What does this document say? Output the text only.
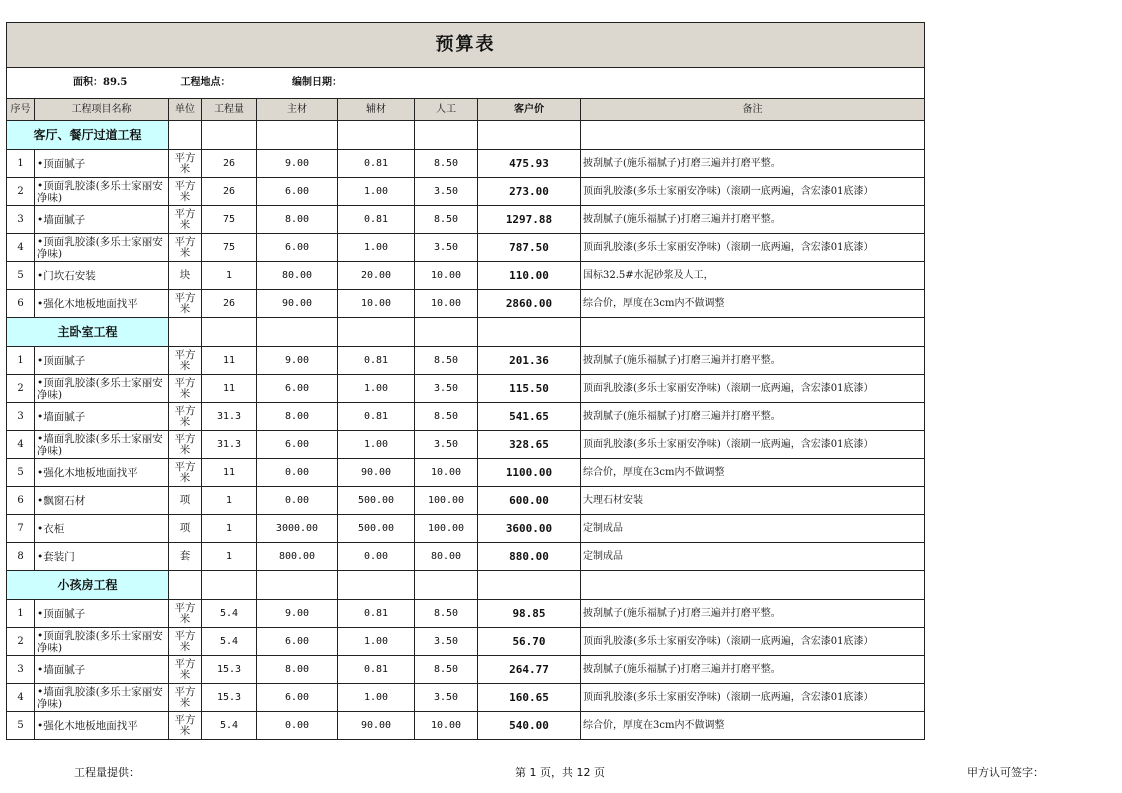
预算表								
面积：89.5 工程地点： 编制日期：								
序号	工程项目名称	单位	工程量	主材	辅材	人工	客户价	备注
客厅、餐厅过道工程								
1	•顶面腻子	平方米	26	9.00	0.81	8.50	475.93	披刮腻子(施乐福腻子)打磨三遍并打磨平整。
2	•顶面乳胶漆(多乐士家丽安净味)	平方米	26	6.00	1.00	3.50	273.00	顶面乳胶漆(多乐士家丽安净味)（滚刷一底两遍，含宏漆01底漆）
3	•墙面腻子	平方米	75	8.00	0.81	8.50	1297.88	披刮腻子(施乐福腻子)打磨三遍并打磨平整。
4	•顶面乳胶漆(多乐士家丽安净味)	平方米	75	6.00	1.00	3.50	787.50	顶面乳胶漆(多乐士家丽安净味)（滚刷一底两遍，含宏漆01底漆）
5	•门坎石安装	块	1	80.00	20.00	10.00	110.00	国标32.5#水泥砂浆及人工，
6	•强化木地板地面找平	平方米	26	90.00	10.00	10.00	2860.00	综合价，厚度在3cm内不做调整
主卧室工程								
1	•顶面腻子	平方米	11	9.00	0.81	8.50	201.36	披刮腻子(施乐福腻子)打磨三遍并打磨平整。
2	•顶面乳胶漆(多乐士家丽安净味)	平方米	11	6.00	1.00	3.50	115.50	顶面乳胶漆(多乐士家丽安净味)（滚刷一底两遍，含宏漆01底漆）
3	•墙面腻子	平方米	31.3	8.00	0.81	8.50	541.65	披刮腻子(施乐福腻子)打磨三遍并打磨平整。
4	•墙面乳胶漆(多乐士家丽安净味)	平方米	31.3	6.00	1.00	3.50	328.65	顶面乳胶漆(多乐士家丽安净味)（滚刷一底两遍，含宏漆01底漆）
5	•强化木地板地面找平	平方米	11	0.00	90.00	10.00	1100.00	综合价，厚度在3cm内不做调整
6	•飘窗石材	项	1	0.00	500.00	100.00	600.00	大理石材安装
7	•衣柜	项	1	3000.00	500.00	100.00	3600.00	定制成品
8	•套装门	套	1	800.00	0.00	80.00	880.00	定制成品
小孩房工程								
1	•顶面腻子	平方米	5.4	9.00	0.81	8.50	98.85	披刮腻子(施乐福腻子)打磨三遍并打磨平整。
2	•顶面乳胶漆(多乐士家丽安净味)	平方米	5.4	6.00	1.00	3.50	56.70	顶面乳胶漆(多乐士家丽安净味)（滚刷一底两遍，含宏漆01底漆）
3	•墙面腻子	平方米	15.3	8.00	0.81	8.50	264.77	披刮腻子(施乐福腻子)打磨三遍并打磨平整。
4	•墙面乳胶漆(多乐士家丽安净味)	平方米	15.3	6.00	1.00	3.50	160.65	顶面乳胶漆(多乐士家丽安净味)（滚刷一底两遍，含宏漆01底漆）
5	•强化木地板地面找平	平方米	5.4	0.00	90.00	10.00	540.00	综合价，厚度在3cm内不做调整
工程量提供：	第 1 页，共 12 页	甲方认可签字：
